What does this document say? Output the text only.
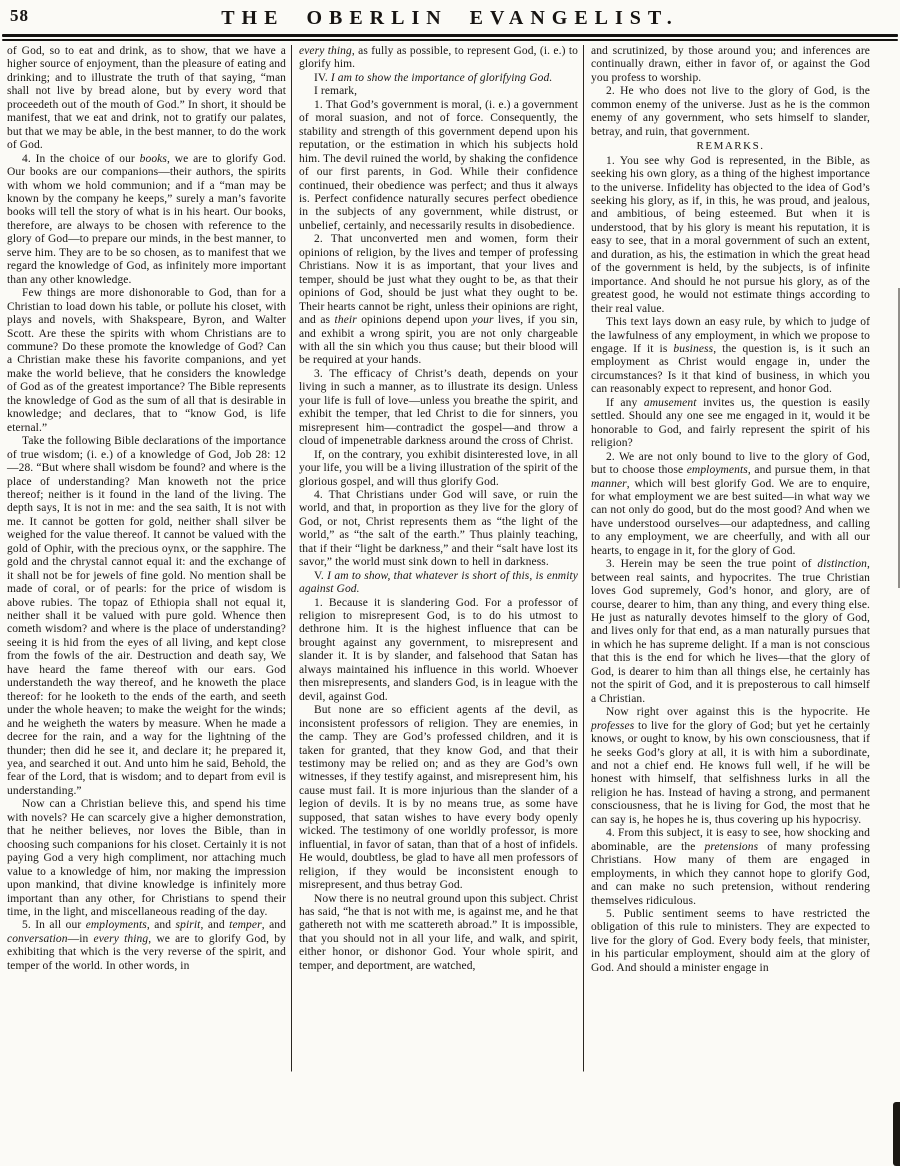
58	THE OBERLIN EVANGELIST.

of God, so to eat and drink, as to show, that we have a higher source of enjoyment, than the pleasure of eating and drinking; and to illustrate the truth of that saying, “man shall not live by bread alone, but by every word that proceedeth out of the mouth of God.” In short, it should be manifest, that we eat and drink, not to gratify our palates, but that we may be able, in the best manner, to do the work of God.

4. In the choice of our books, we are to glorify God. Our books are our companions—their authors, the spirits with whom we hold communion; and if a “man may be known by the company he keeps,” surely a man’s favorite books will tell the story of what is in his heart. Our books, therefore, are always to be chosen with reference to the glory of God—to prepare our minds, in the best manner, to serve him. They are to be so chosen, as to manifest that we regard the knowledge of God, as infinitely more important than any other knowledge.

Few things are more dishonorable to God, than for a Christian to load down his table, or pollute his closet, with plays and novels, with Shakspeare, Byron, and Walter Scott. Are these the spirits with whom Christians are to commune? Do these promote the knowledge of God? Can a Christian make these his favorite companions, and yet make the world believe, that he considers the knowledge of God as of the greatest importance? The Bible represents the knowledge of God as the sum of all that is desirable in knowledge; and declares, that to “know God, is life eternal.”

Take the following Bible declarations of the importance of true wisdom; (i. e.) of a knowledge of God, Job 28: 12—28. “But where shall wisdom be found? and where is the place of understanding? Man knoweth not the price thereof; neither is it found in the land of the living. The depth says, It is not in me: and the sea saith, It is not with me. It cannot be gotten for gold, neither shall silver be weighed for the value thereof. It cannot be valued with the gold of Ophir, with the precious oynx, or the sapphire. The gold and the chrystal cannot equal it: and the exchange of it shall not be for jewels of fine gold. No mention shall be made of coral, or of pearls: for the price of wisdom is above rubies. The topaz of Ethiopia shall not equal it, neither shall it be valued with pure gold. Whence then cometh wisdom? and where is the place of understanding? seeing it is hid from the eyes of all living, and kept close from the fowls of the air. Destruction and death say, We have heard the fame thereof with our ears. God understandeth the way thereof, and he knoweth the place thereof: for he looketh to the ends of the earth, and seeth under the whole heaven; to make the weight for the winds; and he weigheth the waters by measure. When he made a decree for the rain, and a way for the lightning of the thunder; then did he see it, and declare it; he prepared it, yea, and searched it out. And unto him he said, Behold, the fear of the Lord, that is wisdom; and to depart from evil is understanding.”

Now can a Christian believe this, and spend his time with novels? He can scarcely give a higher demonstration, that he neither believes, nor loves the Bible, than in choosing such companions for his closet. Certainly it is not paying God a very high compliment, nor attaching much value to a knowledge of him, nor making the impression upon mankind, that divine knowledge is infinitely more important than any other, for Christians to spend their time, in the light, and miscellaneous reading of the day.

5. In all our employments, and spirit, and temper, and conversation—in every thing, we are to glorify God, by exhibiting that which is the very reverse of the spirit, and temper of the world. In other words, in

every thing, as fully as possible, to represent God, (i. e.) to glorify him.

IV. I am to show the importance of glorifying God.

I remark,

1. That God’s government is moral, (i. e.) a government of moral suasion, and not of force. Consequently, the stability and strength of this government depend upon his reputation, or the estimation in which his subjects hold him. The devil ruined the world, by shaking the confidence of our first parents, in God. While their confidence continued, their obedience was perfect; and thus it always is. Perfect confidence naturally secures perfect obedience in the subjects of any government, while distrust, or unbelief, certainly, and necessarily results in disobedience.

2. That unconverted men and women, form their opinions of religion, by the lives and temper of professing Christians. Now it is as important, that your lives and temper, should be just what they ought to be, as that their opinions of God, should be just what they ought to be. Their hearts cannot be right, unless their opinions are right, and as their opinions depend upon your lives, if you sin, and exhibit a wrong spirit, you are not only chargeable with all the sin which you thus cause; but their blood will be required at your hands.

3. The efficacy of Christ’s death, depends on your living in such a manner, as to illustrate its design. Unless your life is full of love—unless you breathe the spirit, and exhibit the temper, that led Christ to die for sinners, you misrepresent him—contradict the gospel—and throw a cloud of impenetrable darkness around the cross of Christ.

If, on the contrary, you exhibit disinterested love, in all your life, you will be a living illustration of the spirit of the glorious gospel, and will thus glorify God.

4. That Christians under God will save, or ruin the world, and that, in proportion as they live for the glory of God, or not, Christ represents them as “the light of the world,” as “the salt of the earth.” Thus plainly teaching, that if their “light be darkness,” and their “salt have lost its savor,” the world must sink down to hell in darkness.

V. I am to show, that whatever is short of this, is enmity against God.

1. Because it is slandering God. For a professor of religion to misrepresent God, is to do his utmost to dethrone him. It is the highest influence that can be brought against any government, to misrepresent and slander it. It is by slander, and falsehood that Satan has always maintained his influence in this world. Whoever then misrepresents, and slanders God, is in league with the devil, against God.

But none are so efficient agents af the devil, as inconsistent professors of religion. They are enemies, in the camp. They are God’s professed children, and it is taken for granted, that they know God, and that their testimony may be relied on; and as they are God’s own witnesses, if they testify against, and misrepresent him, his cause must fail. It is more injurious than the slander of a legion of devils. It is by no means true, as some have supposed, that satan wishes to have every body openly wicked. The testimony of one worldly professor, is more influential, in favor of satan, than that of a host of infidels. He would, doubtless, be glad to have all men professors of religion, if they would be inconsistent enough to misrepresent, and thus betray God.

Now there is no neutral ground upon this subject. Christ has said, “he that is not with me, is against me, and he that gathereth not with me scattereth abroad.” It is impossible, that you should not in all your life, and walk, and spirit, either honor, or dishonor God. Your whole spirit, and temper, and deportment, are watched,

and scrutinized, by those around you; and inferences are continually drawn, either in favor of, or against the God you profess to worship.

2. He who does not live to the glory of God, is the common enemy of the universe. Just as he is the common enemy of any government, who sets himself to slander, betray, and ruin, that government.

REMARKS.

1. You see why God is represented, in the Bible, as seeking his own glory, as a thing of the highest importance to the universe. Infidelity has objected to the idea of God’s seeking his glory, as if, in this, he was proud, and jealous, and ambitious, of being esteemed. But when it is understood, that by his glory is meant his reputation, it is easy to see, that in a moral government of such an extent, and duration, as his, the estimation in which the great head of the government is held, by the subjects, is of infinite importance. And should he not pursue his glory, as of the greatest good, he would not estimate things according to their real value.

This text lays down an easy rule, by which to judge of the lawfulness of any employment, in which we propose to engage. If it is business, the question is, is it such an employment as Christ would engage in, under the circumstances? Is it that kind of business, in which you can reasonably expect to represent, and honor God.

If any amusement invites us, the question is easily settled. Should any one see me engaged in it, would it be honorable to God, and fairly represent the spirit of his religion?

2. We are not only bound to live to the glory of God, but to choose those employments, and pursue them, in that manner, which will best glorify God. We are to enquire, for what employment we are best suited—in what way we can not only do good, but do the most good? And when we have understood ourselves—our adaptedness, and calling to any employment, we are cheerfully, and with all our hearts, to engage in it, for the glory of God.

3. Herein may be seen the true point of distinction, between real saints, and hypocrites. The true Christian loves God supremely, God’s honor, and glory, are of course, dearer to him, than any thing, and every thing else. He just as naturally devotes himself to the glory of God, and lives only for that end, as a man naturally pursues that in which he has supreme delight. If a man is not conscious that this is the end for which he lives—that the glory of God, is dearer to him than all things else, he certainly has not the spirit of God, and it is preposterous to call himself a Christian.

Now right over against this is the hypocrite. He professes to live for the glory of God; but yet he certainly knows, or ought to know, by his own consciousness, that if he seeks God’s glory at all, it is with him a subordinate, and not a chief end. He knows full well, if he will be honest with himself, that selfishness lurks in all the religion he has. Instead of having a strong, and permanent consciousness, that he is living for God, the most that he can say is, he hopes he is, thus covering up his hypocrisy.

4. From this subject, it is easy to see, how shocking and abominable, are the pretensions of many professing Christians. How many of them are engaged in employments, in which they cannot hope to glorify God, and can make no such pretension, without rendering themselves ridiculous.

5. Public sentiment seems to have restricted the obligation of this rule to ministers. They are expected to live for the glory of God. Every body feels, that minister, in his particular employment, should aim at the glory of God. And should a minister engage in
